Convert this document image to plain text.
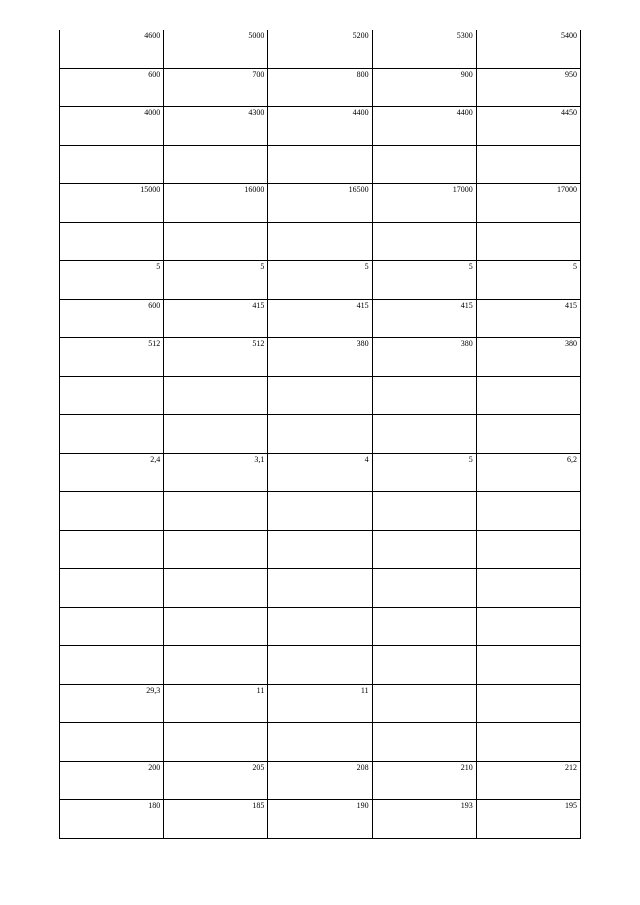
4600	5000	5200	5300	5400
600	700	800	900	950
4000	4300	4400	4400	4450

15000	16000	16500	17000	17000

5	5	5	5	5
600	415	415	415	415
512	512	380	380	380

2,4	3,1	4	5	6,2

29,3	11	11		

200	205	208	210	212
180	185	190	193	195
